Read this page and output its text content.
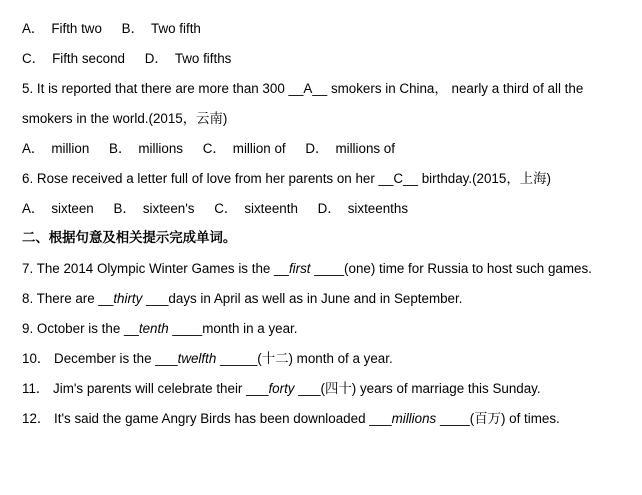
A． Fifth two B． Two fifth
C． Fifth second D． Two fifths
5. It is reported that there are more than 300 __A__ smokers in China， nearly a third of all the
smokers in the world.(2015，云南)
A． million B． millions C． million of D． millions of
6. Rose received a letter full of love from her parents on her __C__ birthday.(2015，上海)
A． sixteen B． sixteen's C． sixteenth D． sixteenths
二、根据句意及相关提示完成单词。
7. The 2014 Olympic Winter Games is the __first ____(one) time for Russia to host such games.
8. There are __thirty ___days in April as well as in June and in September.
9. October is the __tenth ____month in a year.
10． December is the ___twelfth _____(十二) month of a year.
11． Jim's parents will celebrate their ___forty ___(四十) years of marriage this Sunday.
12． It's said the game Angry Birds has been downloaded ___millions ____(百万) of times.
